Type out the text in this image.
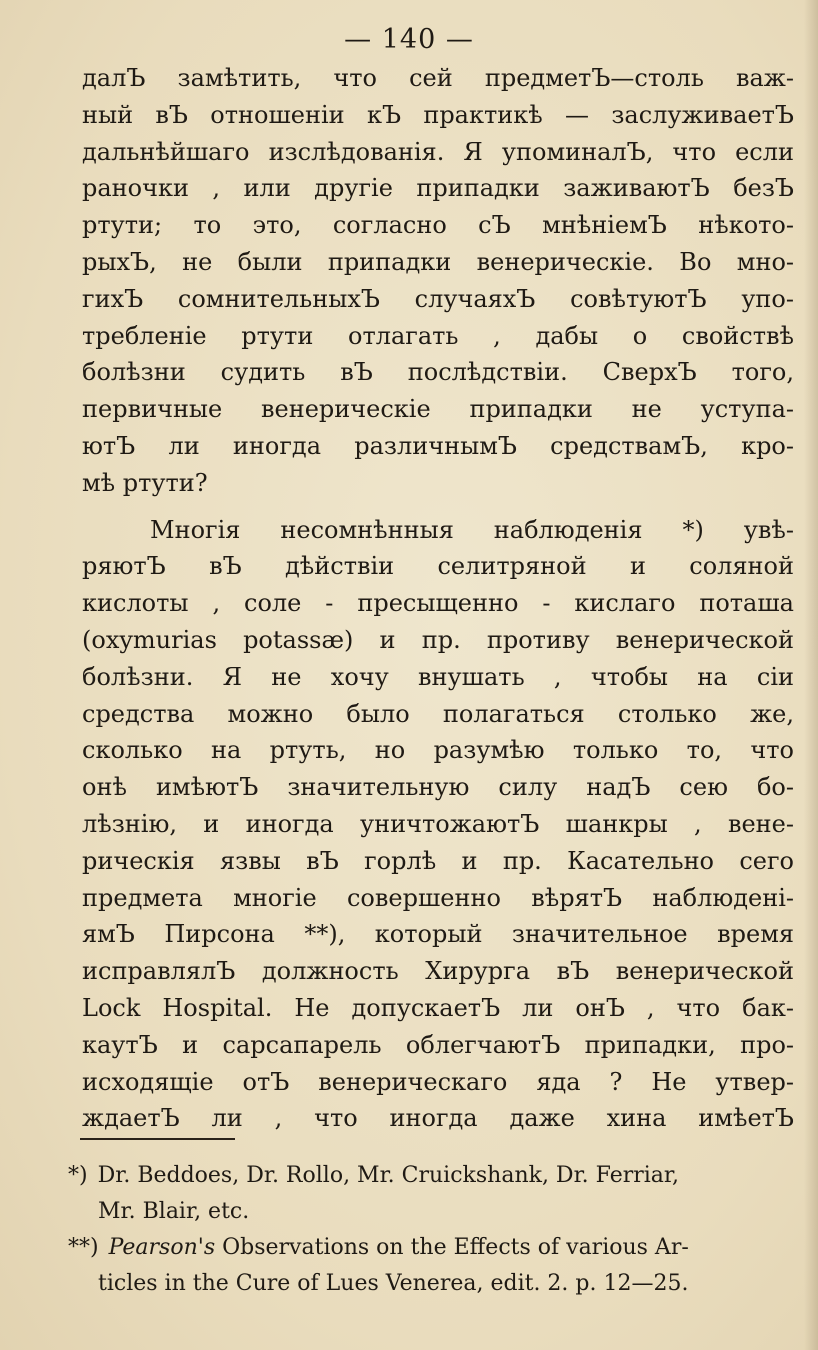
— 140 —
далЪ замѣтить, что сей предметЪ—столь важ-
ный вЪ отношеніи кЪ практикѣ — заслуживаетЪ
дальнѣйшаго изслѣдованія. Я упоминалЪ, что если
раночки , или другіе припадки заживаютЪ безЪ
ртути; то это, согласно сЪ мнѣніемЪ нѣкото-
рыхЪ, не были припадки венерическіе. Во мно-
гихЪ сомнительныхЪ случаяхЪ совѣтуютЪ упо-
требленіе ртути отлагать , дабы о свойствѣ
болѣзни судить вЪ послѣдствіи. СверхЪ того,
первичные венерическіе припадки не уступа-
ютЪ ли иногда различнымЪ средствамЪ, кро-
мѣ ртути?
Многія несомнѣнныя наблюденія *) увѣ-
ряютЪ вЪ дѣйствіи селитряной и соляной
кислоты , соле - пресыщенно - кислаго поташа
(oxymurias potassæ) и пр. противу венерической
болѣзни. Я не хочу внушать , чтобы на сіи
средства можно было полагаться столько же,
сколько на ртуть, но разумѣю только то, что
онѣ имѣютЪ значительную силу надЪ сею бо-
лѣзнію, и иногда уничтожаютЪ шанкры , вене-
рическія язвы вЪ горлѣ и пр. Касательно сего
предмета многіе совершенно вѣрятЪ наблюденi-
ямЪ Пирсона **), который значительное время
исправлялЪ должность Хирурга вЪ венерической
Lock Hospital. Не допускаетЪ ли онЪ , что бак-
каутЪ и сарсапарель облегчаютЪ припадки, про-
исходящіе отЪ венерическаго яда ? Не утвер-
ждаетЪ ли , что иногда даже хина имѣетЪ
*) Dr. Beddoes, Dr. Rollo, Mr. Cruickshank, Dr. Ferriar,
Mr. Blair, etc.
**) Pearson's Observations on the Effects of various Ar-
ticles in the Cure of Lues Venerea, edit. 2. p. 12—25.
